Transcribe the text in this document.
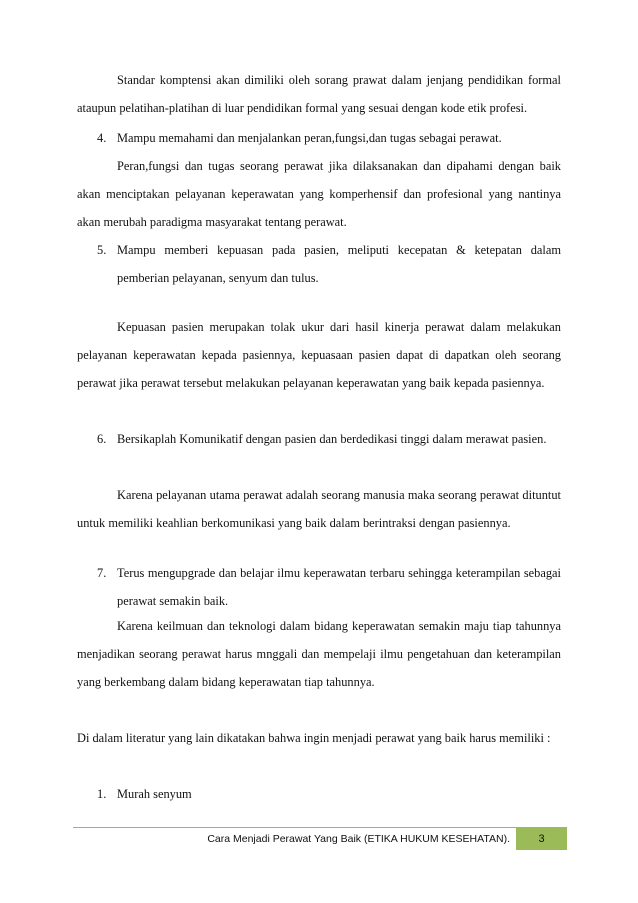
Standar komptensi akan dimiliki oleh sorang prawat dalam jenjang pendidikan formal ataupun pelatihan-platihan di luar pendidikan formal yang sesuai dengan kode etik profesi.

4. Mampu memahami dan menjalankan peran,fungsi,dan tugas sebagai perawat.

Peran,fungsi dan tugas seorang perawat jika dilaksanakan dan dipahami dengan baik akan menciptakan pelayanan keperawatan yang komperhensif dan profesional yang nantinya akan merubah paradigma masyarakat tentang perawat.

5. Mampu memberi kepuasan pada pasien, meliputi kecepatan & ketepatan dalam pemberian pelayanan, senyum dan tulus.

Kepuasan pasien merupakan tolak ukur dari hasil kinerja perawat dalam melakukan pelayanan keperawatan kepada pasiennya, kepuasaan pasien dapat di dapatkan oleh seorang perawat jika perawat tersebut melakukan pelayanan keperawatan yang baik kepada pasiennya.

6. Bersikaplah Komunikatif dengan pasien dan berdedikasi tinggi dalam merawat pasien.

Karena pelayanan utama perawat adalah seorang manusia maka seorang perawat dituntut untuk memiliki keahlian berkomunikasi yang baik dalam berintraksi dengan pasiennya.

7. Terus mengupgrade dan belajar ilmu keperawatan terbaru sehingga keterampilan sebagai perawat semakin baik.

Karena keilmuan dan teknologi dalam bidang keperawatan semakin maju tiap tahunnya menjadikan seorang perawat harus mnggali dan mempelaji ilmu pengetahuan dan keterampilan yang berkembang dalam bidang keperawatan tiap tahunnya.

Di dalam literatur yang lain dikatakan bahwa ingin menjadi perawat yang baik harus memiliki :

1. Murah senyum
Cara Menjadi Perawat Yang Baik (ETIKA HUKUM KESEHATAN).	3
